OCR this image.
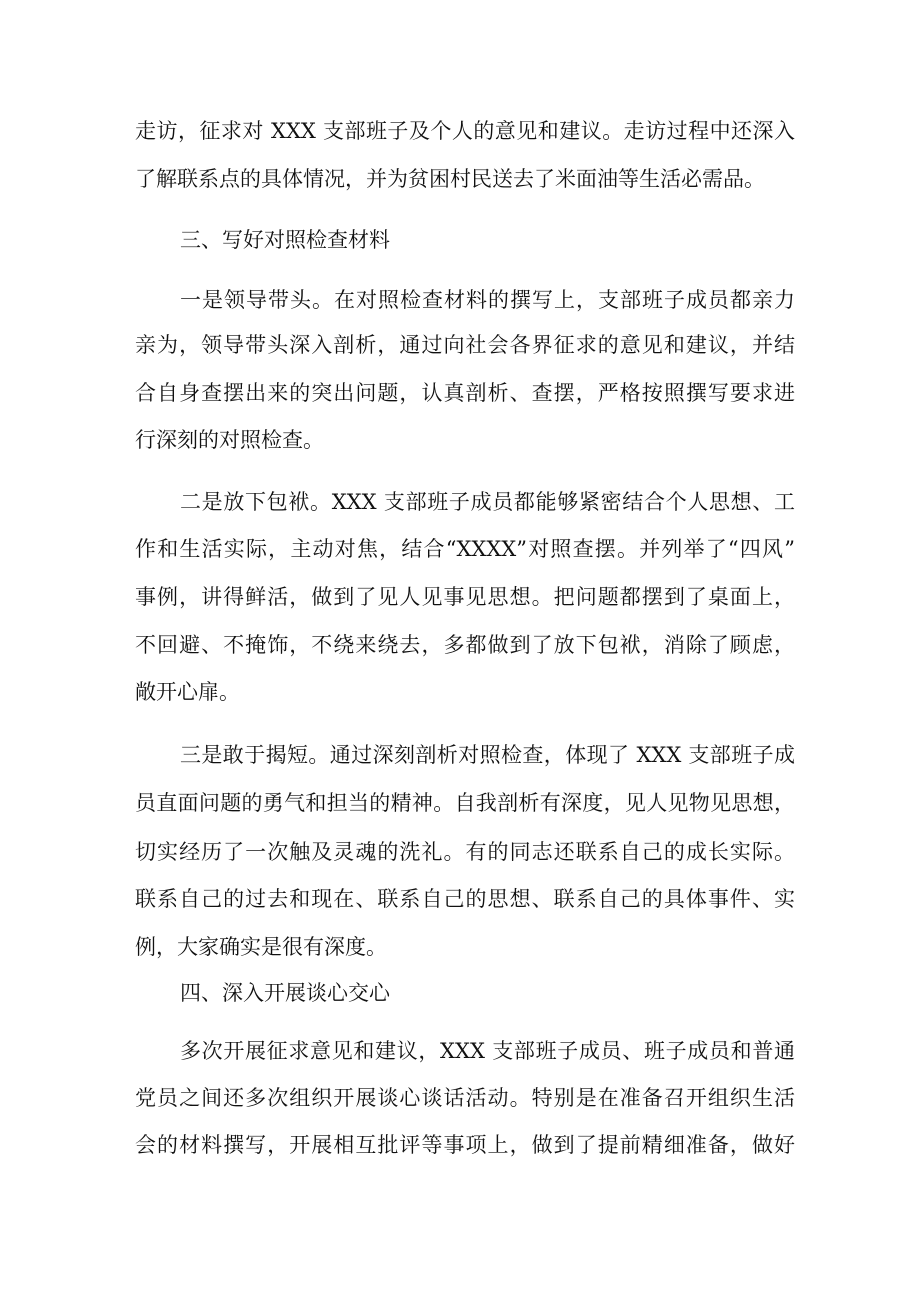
走访，征求对 XXX 支部班子及个人的意见和建议。走访过程中还深入
了解联系点的具体情况，并为贫困村民送去了米面油等生活必需品。
三、写好对照检查材料
一是领导带头。在对照检查材料的撰写上，支部班子成员都亲力
亲为，领导带头深入剖析，通过向社会各界征求的意见和建议，并结
合自身查摆出来的突出问题，认真剖析、查摆，严格按照撰写要求进
行深刻的对照检查。
二是放下包袱。XXX 支部班子成员都能够紧密结合个人思想、工
作和生活实际，主动对焦，结合“XXXX”对照查摆。并列举了“四风”
事例，讲得鲜活，做到了见人见事见思想。把问题都摆到了桌面上，
不回避、不掩饰，不绕来绕去，多都做到了放下包袱，消除了顾虑，
敞开心扉。
三是敢于揭短。通过深刻剖析对照检查，体现了 XXX 支部班子成
员直面问题的勇气和担当的精神。自我剖析有深度，见人见物见思想，
切实经历了一次触及灵魂的洗礼。有的同志还联系自己的成长实际。
联系自己的过去和现在、联系自己的思想、联系自己的具体事件、实
例，大家确实是很有深度。
四、深入开展谈心交心
多次开展征求意见和建议，XXX 支部班子成员、班子成员和普通
党员之间还多次组织开展谈心谈话活动。特别是在准备召开组织生活
会的材料撰写，开展相互批评等事项上，做到了提前精细准备，做好
